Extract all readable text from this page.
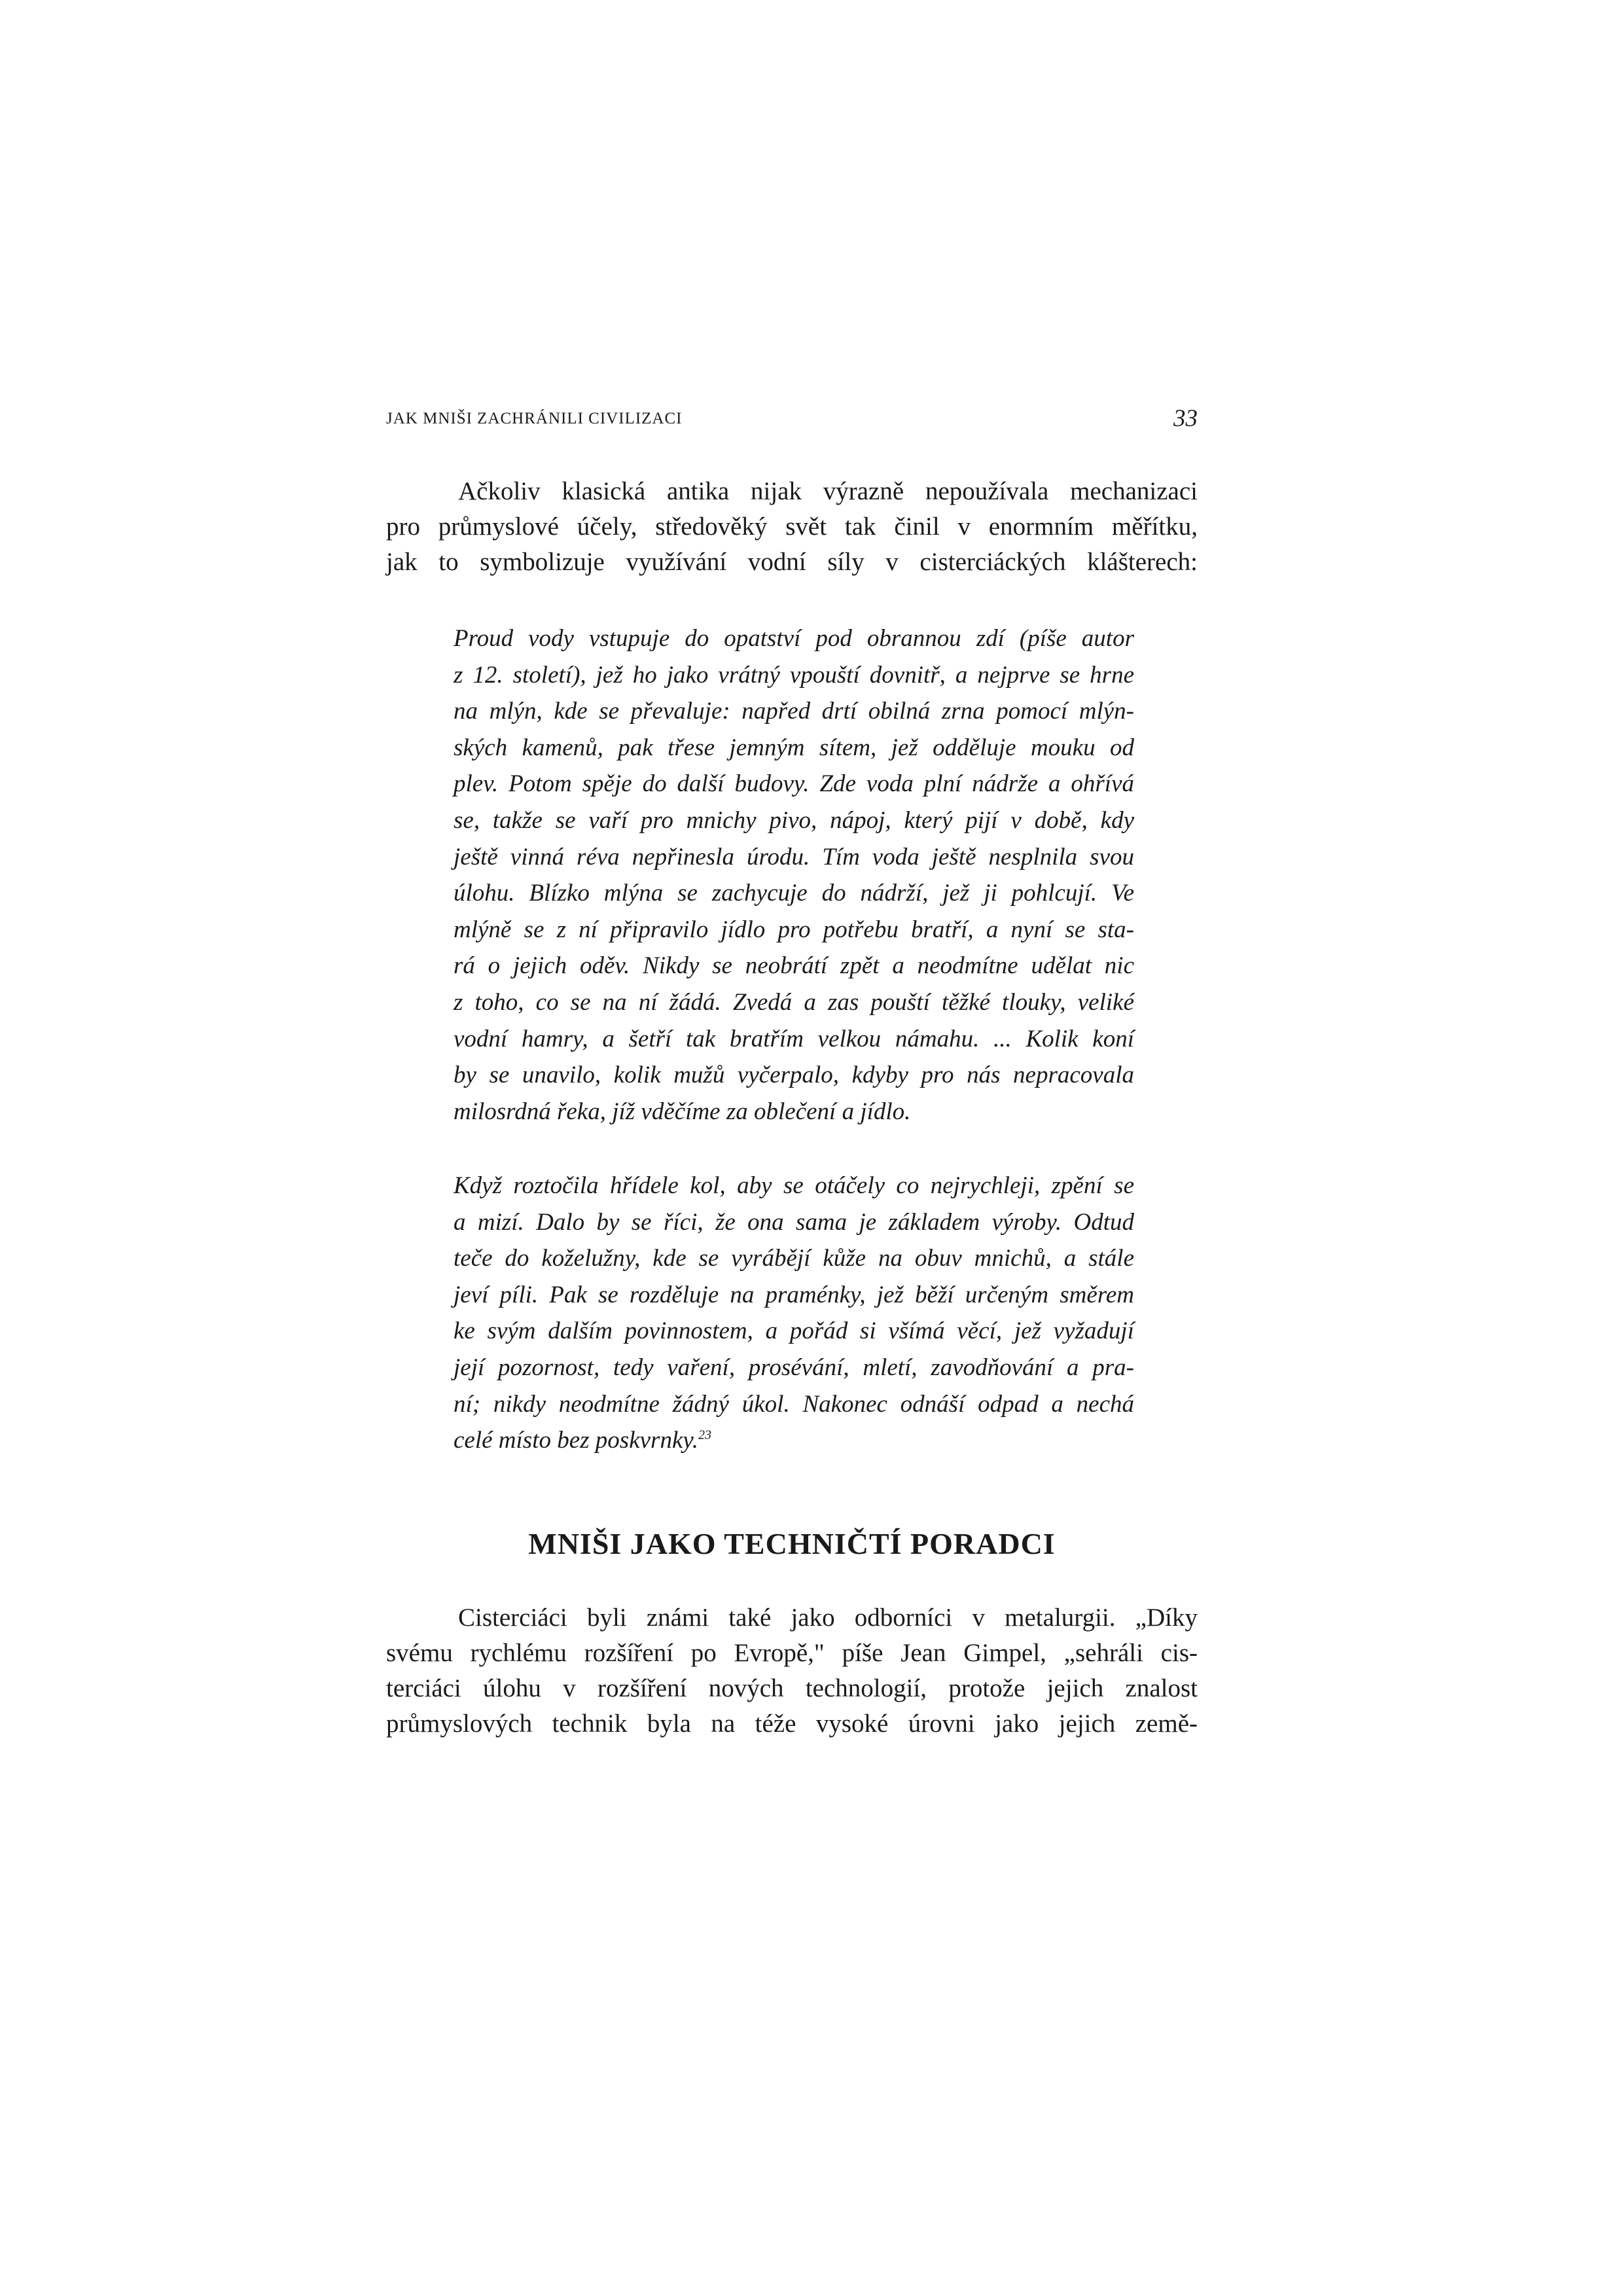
JAK MNIŠI ZACHRÁNILI CIVILIZACI	33

Ačkoliv klasická antika nijak výrazně nepoužívala mechanizaci
pro průmyslové účely, středověký svět tak činil v enormním měřítku,
jak to symbolizuje využívání vodní síly v cisterciáckých klášterech:

Proud vody vstupuje do opatství pod obrannou zdí (píše autor
z 12. století), jež ho jako vrátný vpouští dovnitř, a nejprve se hrne
na mlýn, kde se převaluje: napřed drtí obilná zrna pomocí mlýn-
ských kamenů, pak třese jemným sítem, jež odděluje mouku od
plev. Potom spěje do další budovy. Zde voda plní nádrže a ohřívá
se, takže se vaří pro mnichy pivo, nápoj, který pijí v době, kdy
ještě vinná réva nepřinesla úrodu. Tím voda ještě nesplnila svou
úlohu. Blízko mlýna se zachycuje do nádrží, jež ji pohlcují. Ve
mlýně se z ní připravilo jídlo pro potřebu bratří, a nyní se sta-
rá o jejich oděv. Nikdy se neobrátí zpět a neodmítne udělat nic
z toho, co se na ní žádá. Zvedá a zas pouští těžké tlouky, veliké
vodní hamry, a šetří tak bratřím velkou námahu. ... Kolik koní
by se unavilo, kolik mužů vyčerpalo, kdyby pro nás nepracovala
milosrdná řeka, jíž vděčíme za oblečení a jídlo.
Když roztočila hřídele kol, aby se otáčely co nejrychleji, zpění se
a mizí. Dalo by se říci, že ona sama je základem výroby. Odtud
teče do koželužny, kde se vyrábějí kůže na obuv mnichů, a stále
jeví píli. Pak se rozděluje na praménky, jež běží určeným směrem
ke svým dalším povinnostem, a pořád si všímá věcí, jež vyžadují
její pozornost, tedy vaření, prosévání, mletí, zavodňování a pra-
ní; nikdy neodmítne žádný úkol. Nakonec odnáší odpad a nechá
celé místo bez poskvrnky.$^{23}$
MNIŠI JAKO TECHNIČTÍ PORADCI

Cisterciáci byli známi také jako odborníci v metalurgii. „Díky
svému rychlému rozšíření po Evropě," píše Jean Gimpel, „sehráli cis-
terciáci úlohu v rozšíření nových technologií, protože jejich znalost
průmyslových technik byla na téže vysoké úrovni jako jejich země-
